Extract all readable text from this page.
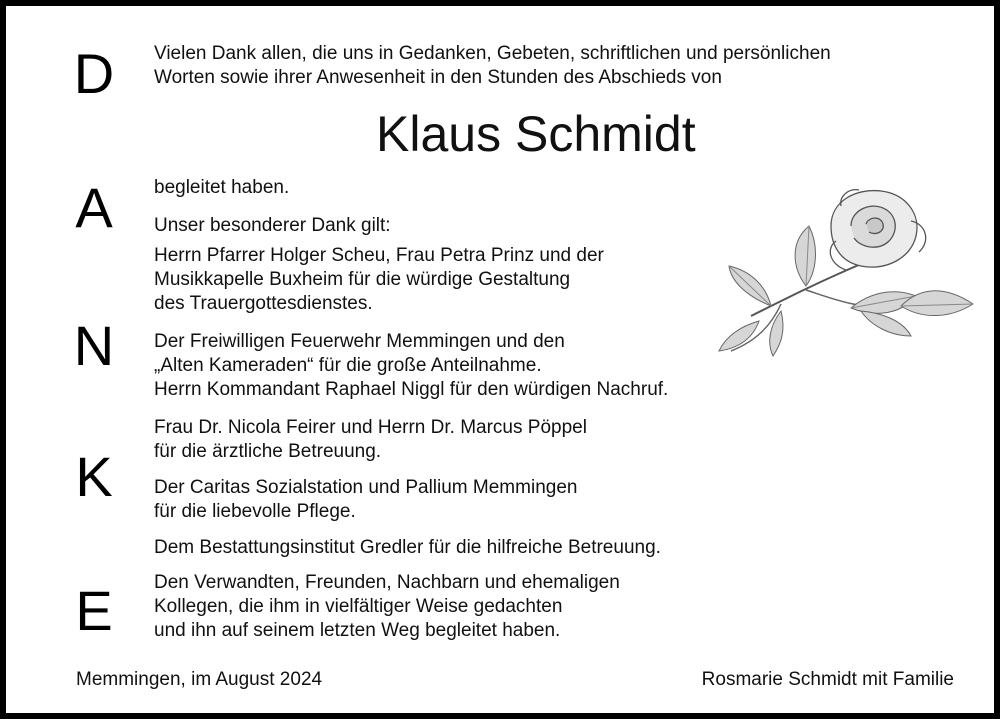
D
A
N
K
E
Vielen Dank allen, die uns in Gedanken, Gebeten, schriftlichen und persönlichen
Worten sowie ihrer Anwesenheit in den Stunden des Abschieds von
Klaus Schmidt
begleitet haben.
Unser besonderer Dank gilt:
Herrn Pfarrer Holger Scheu, Frau Petra Prinz und der
Musikkapelle Buxheim für die würdige Gestaltung
des Trauergottesdienstes.
Der Freiwilligen Feuerwehr Memmingen und den
„Alten Kameraden“ für die große Anteilnahme.
Herrn Kommandant Raphael Niggl für den würdigen Nachruf.
Frau Dr. Nicola Feirer und Herrn Dr. Marcus Pöppel
für die ärztliche Betreuung.
Der Caritas Sozialstation und Pallium Memmingen
für die liebevolle Pflege.
Dem Bestattungsinstitut Gredler für die hilfreiche Betreuung.
Den Verwandten, Freunden, Nachbarn und ehemaligen
Kollegen, die ihm in vielfältiger Weise gedachten
und ihn auf seinem letzten Weg begleitet haben.
Memmingen, im August 2024	Rosmarie Schmidt mit Familie
